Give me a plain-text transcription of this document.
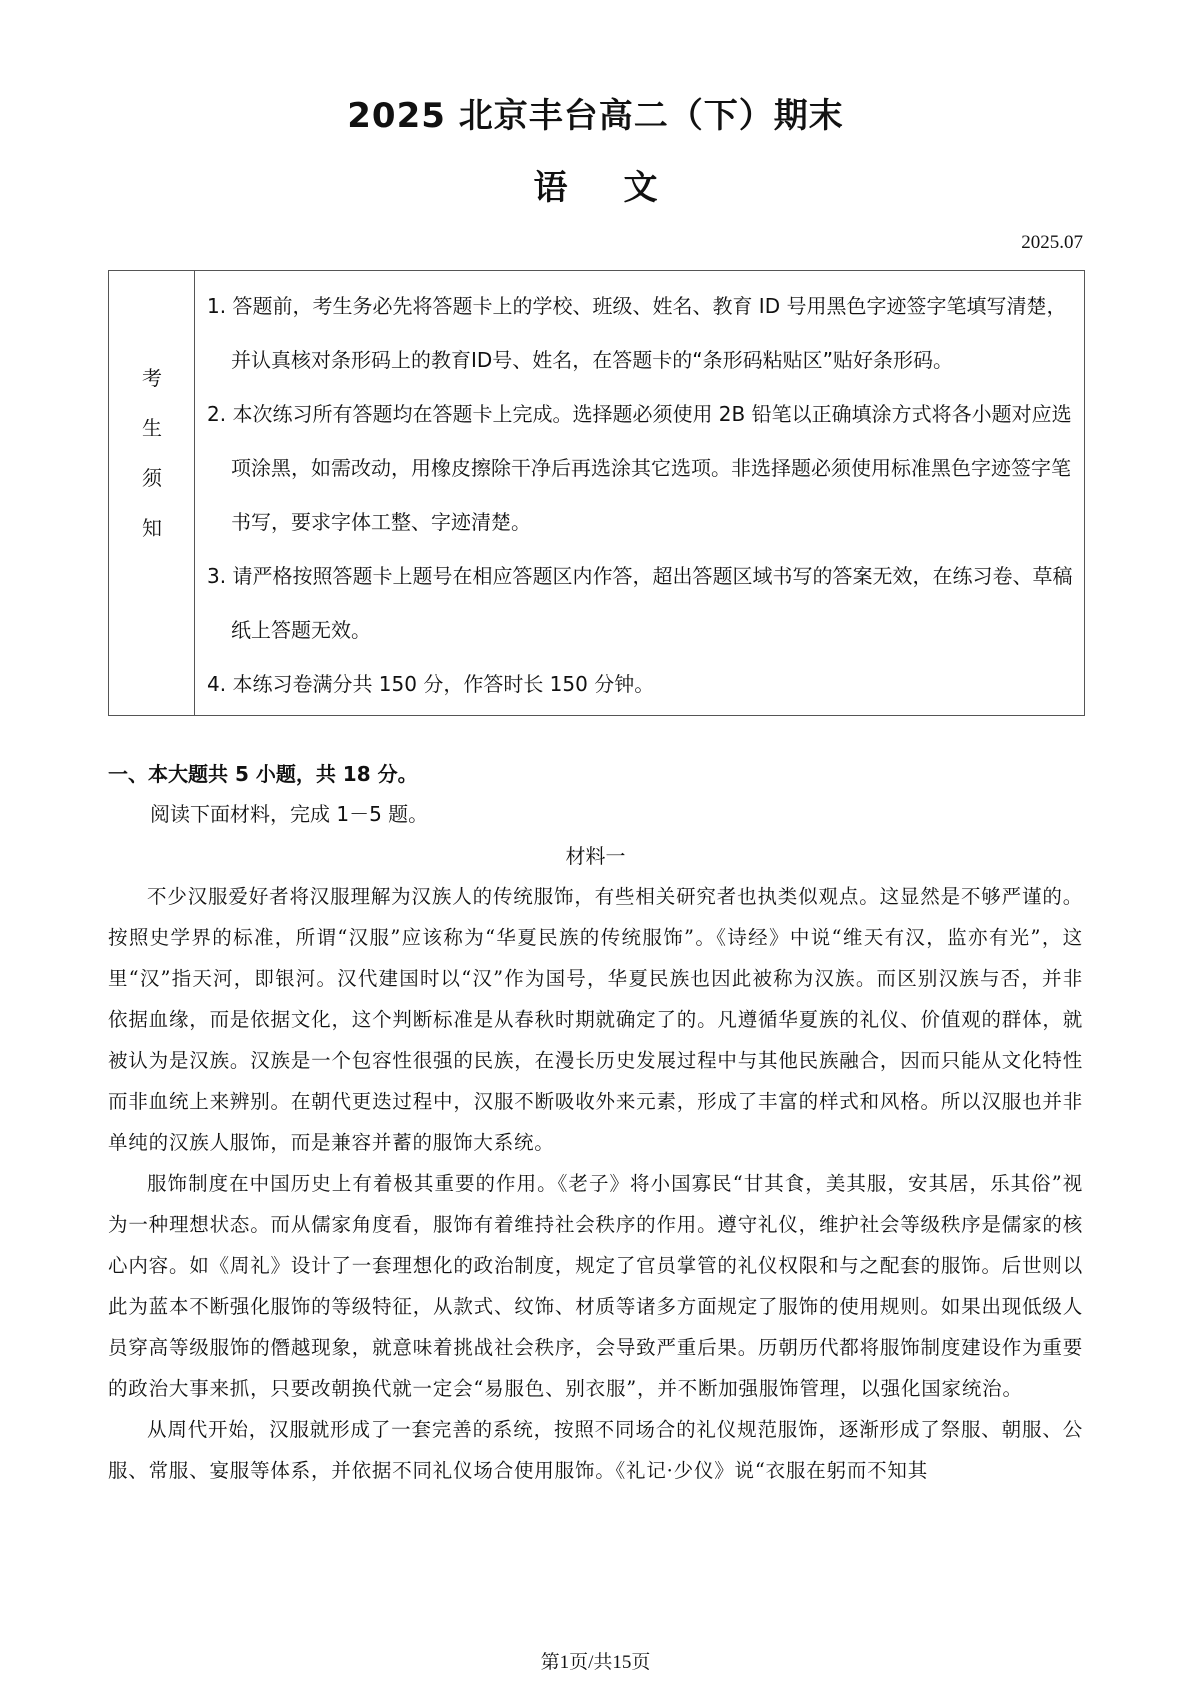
2025 北京丰台高二（下）期末
语文
2025.07
考
生
须
知
1. 答题前，考生务必先将答题卡上的学校、班级、姓名、教育 ID 号用黑色字迹签字笔填写清楚，并认真核对条形码上的教育ID号、姓名，在答题卡的“条形码粘贴区”贴好条形码。
2. 本次练习所有答题均在答题卡上完成。选择题必须使用 2B 铅笔以正确填涂方式将各小题对应选项涂黑，如需改动，用橡皮擦除干净后再选涂其它选项。非选择题必须使用标准黑色字迹签字笔书写，要求字体工整、字迹清楚。
3. 请严格按照答题卡上题号在相应答题区内作答，超出答题区域书写的答案无效，在练习卷、草稿纸上答题无效。
4. 本练习卷满分共 150 分，作答时长 150 分钟。
一、本大题共 5 小题，共 18 分。
阅读下面材料，完成 1－5 题。
材料一

不少汉服爱好者将汉服理解为汉族人的传统服饰，有些相关研究者也执类似观点。这显然是不够严谨的。按照史学界的标准，所谓“汉服”应该称为“华夏民族的传统服饰”。《诗经》中说“维天有汉，监亦有光”，这里“汉”指天河，即银河。汉代建国时以“汉”作为国号，华夏民族也因此被称为汉族。而区别汉族与否，并非依据血缘，而是依据文化，这个判断标准是从春秋时期就确定了的。凡遵循华夏族的礼仪、价值观的群体，就被认为是汉族。汉族是一个包容性很强的民族，在漫长历史发展过程中与其他民族融合，因而只能从文化特性而非血统上来辨别。在朝代更迭过程中，汉服不断吸收外来元素，形成了丰富的样式和风格。所以汉服也并非单纯的汉族人服饰，而是兼容并蓄的服饰大系统。

服饰制度在中国历史上有着极其重要的作用。《老子》将小国寡民“甘其食，美其服，安其居，乐其俗”视为一种理想状态。而从儒家角度看，服饰有着维持社会秩序的作用。遵守礼仪，维护社会等级秩序是儒家的核心内容。如《周礼》设计了一套理想化的政治制度，规定了官员掌管的礼仪权限和与之配套的服饰。后世则以此为蓝本不断强化服饰的等级特征，从款式、纹饰、材质等诸多方面规定了服饰的使用规则。如果出现低级人员穿高等级服饰的僭越现象，就意味着挑战社会秩序，会导致严重后果。历朝历代都将服饰制度建设作为重要的政治大事来抓，只要改朝换代就一定会“易服色、别衣服”，并不断加强服饰管理，以强化国家统治。

从周代开始，汉服就形成了一套完善的系统，按照不同场合的礼仪规范服饰，逐渐形成了祭服、朝服、公服、常服、宴服等体系，并依据不同礼仪场合使用服饰。《礼记·少仪》说“衣服在躬而不知其

第1页/共15页
